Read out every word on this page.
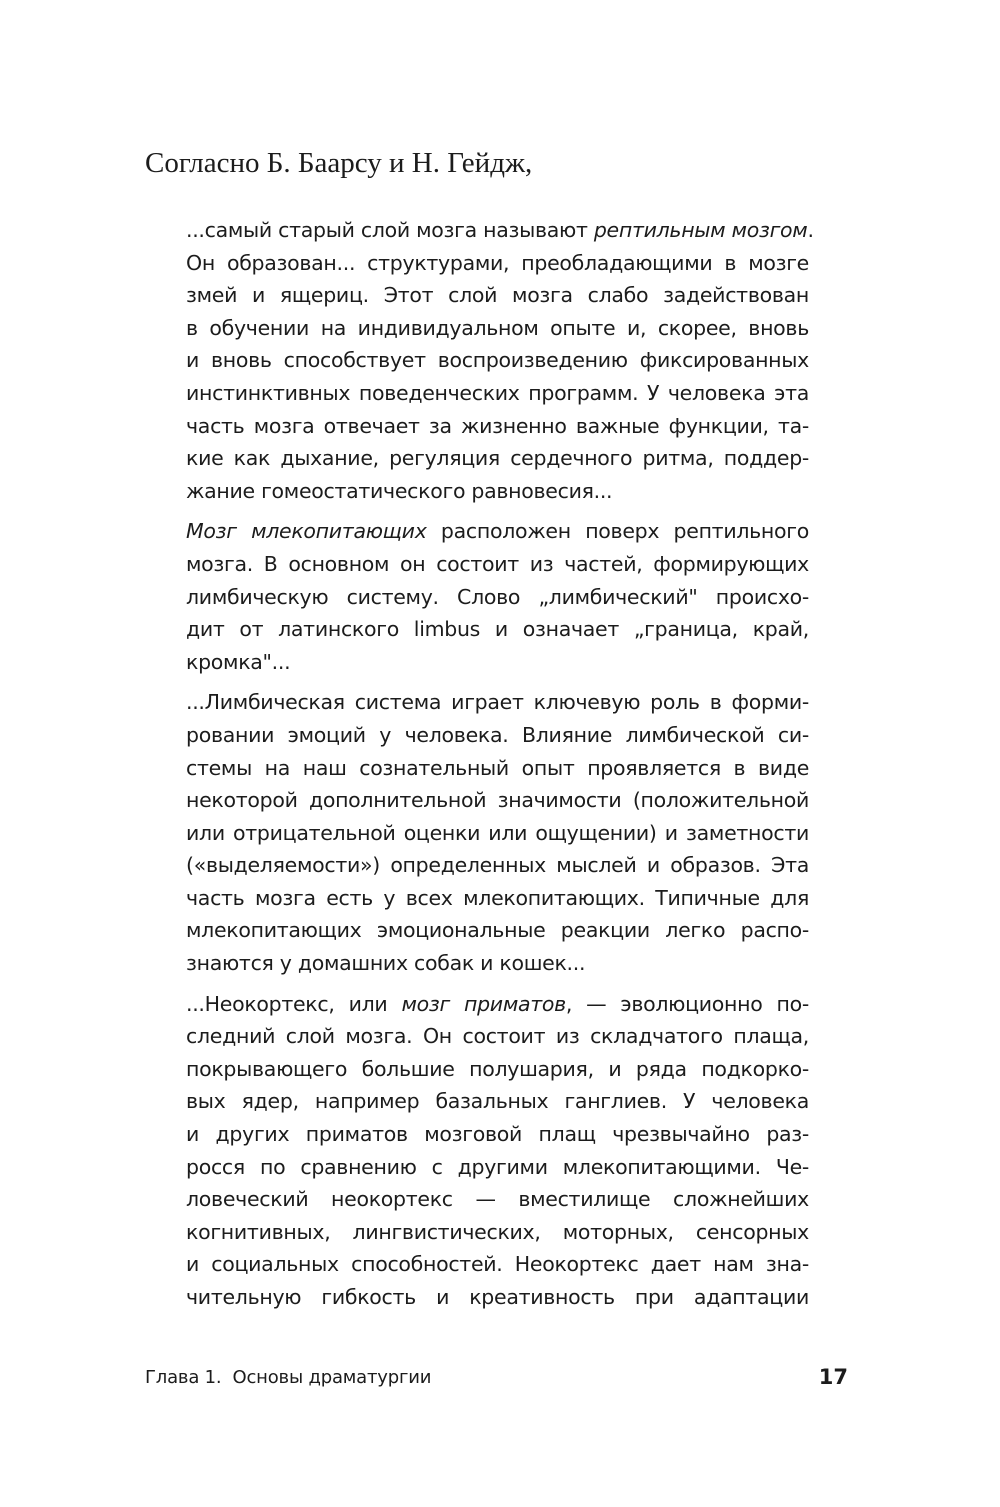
Согласно Б. Баарсу и Н. Гейдж,

...самый старый слой мозга называют рептильным мозгом.
Он образован... структурами, преобладающими в мозге
змей и ящериц. Этот слой мозга слабо задействован
в обучении на индивидуальном опыте и, скорее, вновь
и вновь способствует воспроизведению фиксированных
инстинктивных поведенческих программ. У человека эта
часть мозга отвечает за жизненно важные функции, та-
кие как дыхание, регуляция сердечного ритма, поддер-
жание гомеостатического равновесия...
Мозг млекопитающих расположен поверх рептильного
мозга. В основном он состоит из частей, формирующих
лимбическую систему. Слово „лимбический" происхо-
дит от латинского limbus и означает „граница, край,
кромка"...
...Лимбическая система играет ключевую роль в форми-
ровании эмоций у человека. Влияние лимбической си-
стемы на наш сознательный опыт проявляется в виде
некоторой дополнительной значимости (положительной
или отрицательной оценки или ощущении) и заметности
(«выделяемости») определенных мыслей и образов. Эта
часть мозга есть у всех млекопитающих. Типичные для
млекопитающих эмоциональные реакции легко распо-
знаются у домашних собак и кошек...
...Неокортекс, или мозг приматов, — эволюционно по-
следний слой мозга. Он состоит из складчатого плаща,
покрывающего большие полушария, и ряда подкорко-
вых ядер, например базальных ганглиев. У человека
и других приматов мозговой плащ чрезвычайно раз-
росся по сравнению с другими млекопитающими. Че-
ловеческий неокортекс — вместилище сложнейших
когнитивных, лингвистических, моторных, сенсорных
и социальных способностей. Неокортекс дает нам зна-
чительную гибкость и креативность при адаптации
Глава 1.  Основы драматургии	17
